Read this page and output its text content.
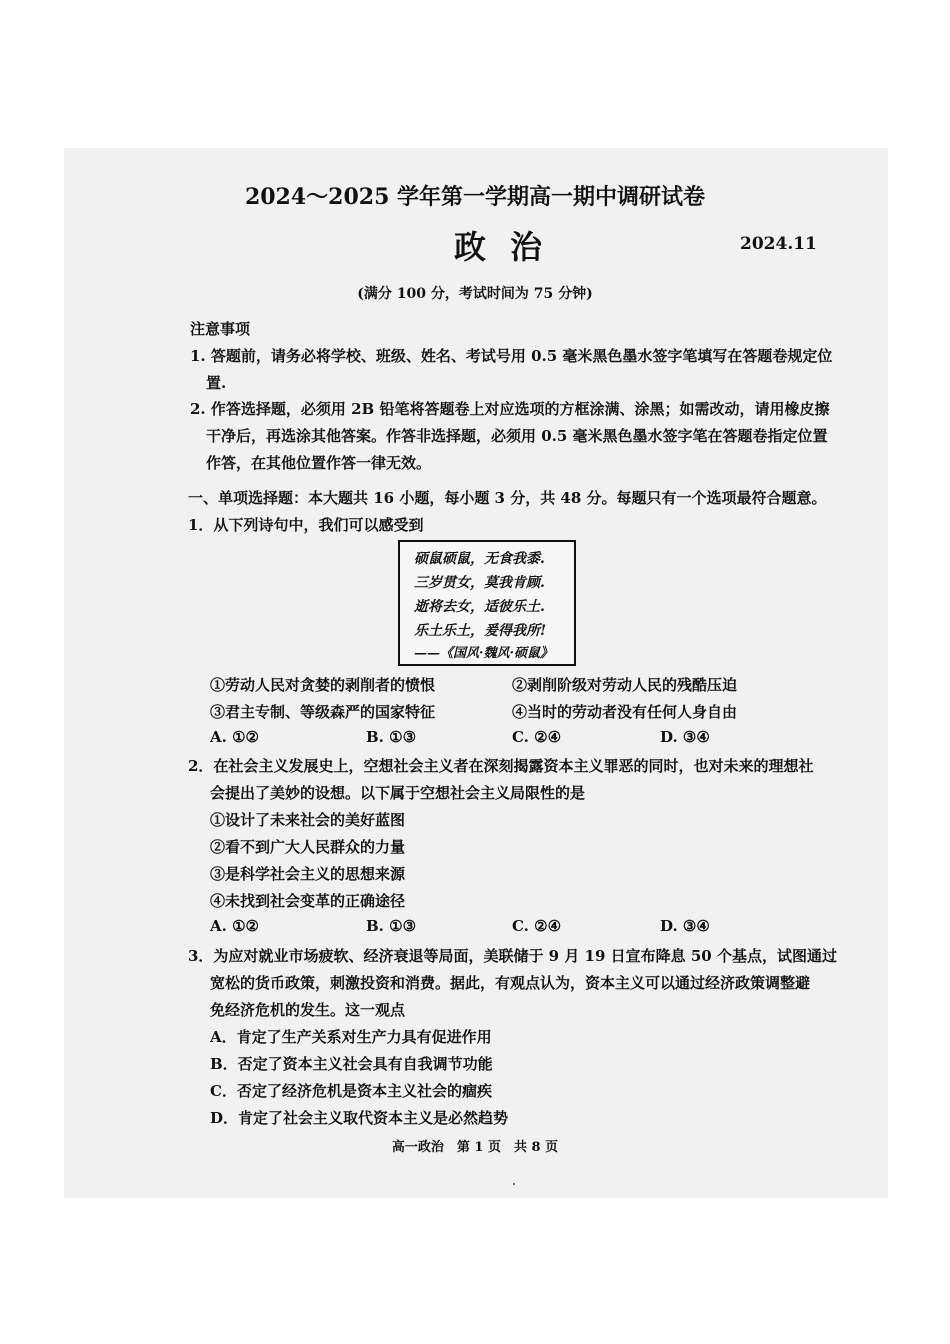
2024～2025 学年第一学期高一期中调研试卷
政治	2024.11
(满分 100 分，考试时间为 75 分钟)
注意事项
1. 答题前，请务必将学校、班级、姓名、考试号用 0.5 毫米黑色墨水签字笔填写在答题卷规定位
置.
2. 作答选择题，必须用 2B 铅笔将答题卷上对应选项的方框涂满、涂黑；如需改动，请用橡皮擦
干净后，再选涂其他答案。作答非选择题，必须用 0.5 毫米黑色墨水签字笔在答题卷指定位置
作答，在其他位置作答一律无效。
一、单项选择题：本大题共 16 小题，每小题 3 分，共 48 分。每题只有一个选项最符合题意。
1．从下列诗句中，我们可以感受到
硕鼠硕鼠，无食我黍.
三岁贯女，莫我肯顾.
逝将去女，适彼乐土.
乐土乐土，爰得我所!
——《国风·魏风·硕鼠》
①劳动人民对贪婪的剥削者的愤恨	②剥削阶级对劳动人民的残酷压迫
③君主专制、等级森严的国家特征	④当时的劳动者没有任何人身自由
A. ①②	B. ①③	C. ②④	D. ③④
2．在社会主义发展史上，空想社会主义者在深刻揭露资本主义罪恶的同时，也对未来的理想社
会提出了美妙的设想。以下属于空想社会主义局限性的是
①设计了未来社会的美好蓝图
②看不到广大人民群众的力量
③是科学社会主义的思想来源
④未找到社会变革的正确途径
A. ①②	B. ①③	C. ②④	D. ③④
3．为应对就业市场疲软、经济衰退等局面，美联储于 9 月 19 日宣布降息 50 个基点，试图通过
宽松的货币政策，刺激投资和消费。据此，有观点认为，资本主义可以通过经济政策调整避
免经济危机的发生。这一观点
A．肯定了生产关系对生产力具有促进作用
B．否定了资本主义社会具有自我调节功能
C．否定了经济危机是资本主义社会的痼疾
D．肯定了社会主义取代资本主义是必然趋势
高一政治　第 1 页　共 8 页
